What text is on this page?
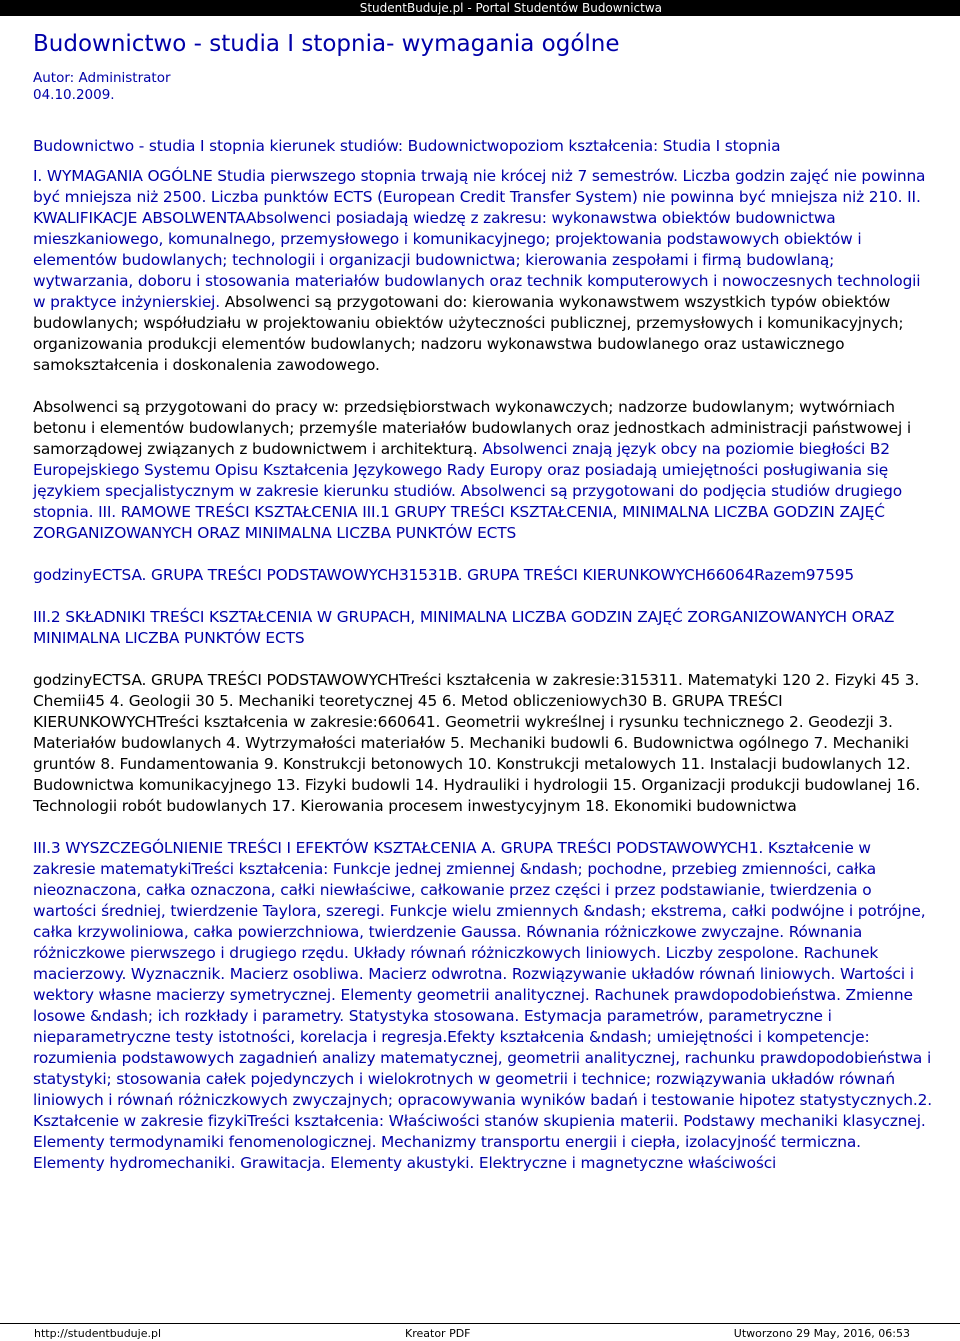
StudentBuduje.pl - Portal Studentów Budownictwa
Budownictwo - studia I stopnia- wymagania ogólne
Autor: Administrator
04.10.2009.

Budownictwo - studia I stopnia kierunek studiów: Budownictwopoziom kształcenia: Studia I stopnia

I. WYMAGANIA OGÓLNE Studia pierwszego stopnia trwają nie krócej niż 7 semestrów. Liczba godzin zajęć nie powinna być mniejsza niż 2500. Liczba punktów ECTS (European Credit Transfer System) nie powinna być mniejsza niż 210. II. KWALIFIKACJE ABSOLWENTAAbsolwenci posiadają wiedzę z zakresu: wykonawstwa obiektów budownictwa mieszkaniowego, komunalnego, przemysłowego i komunikacyjnego; projektowania podstawowych obiektów i elementów budowlanych; technologii i organizacji budownictwa; kierowania zespołami i firmą budowlaną; wytwarzania, doboru i stosowania materiałów budowlanych oraz technik komputerowych i nowoczesnych technologii w praktyce inżynierskiej. Absolwenci są przygotowani do: kierowania wykonawstwem wszystkich typów obiektów budowlanych; współudziału w projektowaniu obiektów użyteczności publicznej, przemysłowych i komunikacyjnych; organizowania produkcji elementów budowlanych; nadzoru wykonawstwa budowlanego oraz ustawicznego samokształcenia i doskonalenia zawodowego.

Absolwenci są przygotowani do pracy w: przedsiębiorstwach wykonawczych; nadzorze budowlanym; wytwórniach betonu i elementów budowlanych; przemyśle materiałów budowlanych oraz jednostkach administracji państwowej i samorządowej związanych z budownictwem i architekturą. Absolwenci znają język obcy na poziomie biegłości B2 Europejskiego Systemu Opisu Kształcenia Językowego Rady Europy oraz posiadają umiejętności posługiwania się językiem specjalistycznym w zakresie kierunku studiów. Absolwenci są przygotowani do podjęcia studiów drugiego stopnia. III. RAMOWE TREŚCI KSZTAŁCENIA III.1 GRUPY TREŚCI KSZTAŁCENIA, MINIMALNA LICZBA GODZIN ZAJĘĆ ZORGANIZOWANYCH ORAZ MINIMALNA LICZBA PUNKTÓW ECTS

godzinyECTSA. GRUPA TREŚCI PODSTAWOWYCH31531B. GRUPA TREŚCI KIERUNKOWYCH66064Razem97595

III.2 SKŁADNIKI TREŚCI KSZTAŁCENIA W GRUPACH, MINIMALNA LICZBA GODZIN ZAJĘĆ ZORGANIZOWANYCH ORAZ MINIMALNA LICZBA PUNKTÓW ECTS

godzinyECTSA. GRUPA TREŚCI PODSTAWOWYCHTreści kształcenia w zakresie:315311. Matematyki 120 2. Fizyki 45 3. Chemii45 4. Geologii 30 5. Mechaniki teoretycznej 45 6. Metod obliczeniowych30 B. GRUPA TREŚCI KIERUNKOWYCHTreści kształcenia w zakresie:660641. Geometrii wykreślnej i rysunku technicznego 2. Geodezji 3. Materiałów budowlanych 4. Wytrzymałości materiałów 5. Mechaniki budowli 6. Budownictwa ogólnego 7. Mechaniki gruntów 8. Fundamentowania 9. Konstrukcji betonowych 10. Konstrukcji metalowych 11. Instalacji budowlanych 12. Budownictwa komunikacyjnego 13. Fizyki budowli 14. Hydrauliki i hydrologii 15. Organizacji produkcji budowlanej 16. Technologii robót budowlanych 17. Kierowania procesem inwestycyjnym 18. Ekonomiki budownictwa

III.3 WYSZCZEGÓLNIENIE TREŚCI I EFEKTÓW KSZTAŁCENIA A. GRUPA TREŚCI PODSTAWOWYCH1. Kształcenie w zakresie matematykiTreści kształcenia: Funkcje jednej zmiennej &ndash; pochodne, przebieg zmienności, całka nieoznaczona, całka oznaczona, całki niewłaściwe, całkowanie przez części i przez podstawianie, twierdzenia o wartości średniej, twierdzenie Taylora, szeregi. Funkcje wielu zmiennych &ndash; ekstrema, całki podwójne i potrójne, całka krzywoliniowa, całka powierzchniowa, twierdzenie Gaussa. Równania różniczkowe zwyczajne. Równania różniczkowe pierwszego i drugiego rzędu. Układy równań różniczkowych liniowych. Liczby zespolone. Rachunek macierzowy. Wyznacznik. Macierz osobliwa. Macierz odwrotna. Rozwiązywanie układów równań liniowych. Wartości i wektory własne macierzy symetrycznej. Elementy geometrii analitycznej. Rachunek prawdopodobieństwa. Zmienne losowe &ndash; ich rozkłady i parametry. Statystyka stosowana. Estymacja parametrów, parametryczne i nieparametryczne testy istotności, korelacja i regresja.Efekty kształcenia &ndash; umiejętności i kompetencje: rozumienia podstawowych zagadnień analizy matematycznej, geometrii analitycznej, rachunku prawdopodobieństwa i statystyki; stosowania całek pojedynczych i wielokrotnych w geometrii i technice; rozwiązywania układów równań liniowych i równań różniczkowych zwyczajnych; opracowywania wyników badań i testowanie hipotez statystycznych.2. Kształcenie w zakresie fizykiTreści kształcenia: Właściwości stanów skupienia materii. Podstawy mechaniki klasycznej. Elementy termodynamiki fenomenologicznej. Mechanizmy transportu energii i ciepła, izolacyjność termiczna. Elementy hydromechaniki. Grawitacja. Elementy akustyki. Elektryczne i magnetyczne właściwości

http://studentbuduje.pl	Kreator PDF	Utworzono 29 May, 2016, 06:53
